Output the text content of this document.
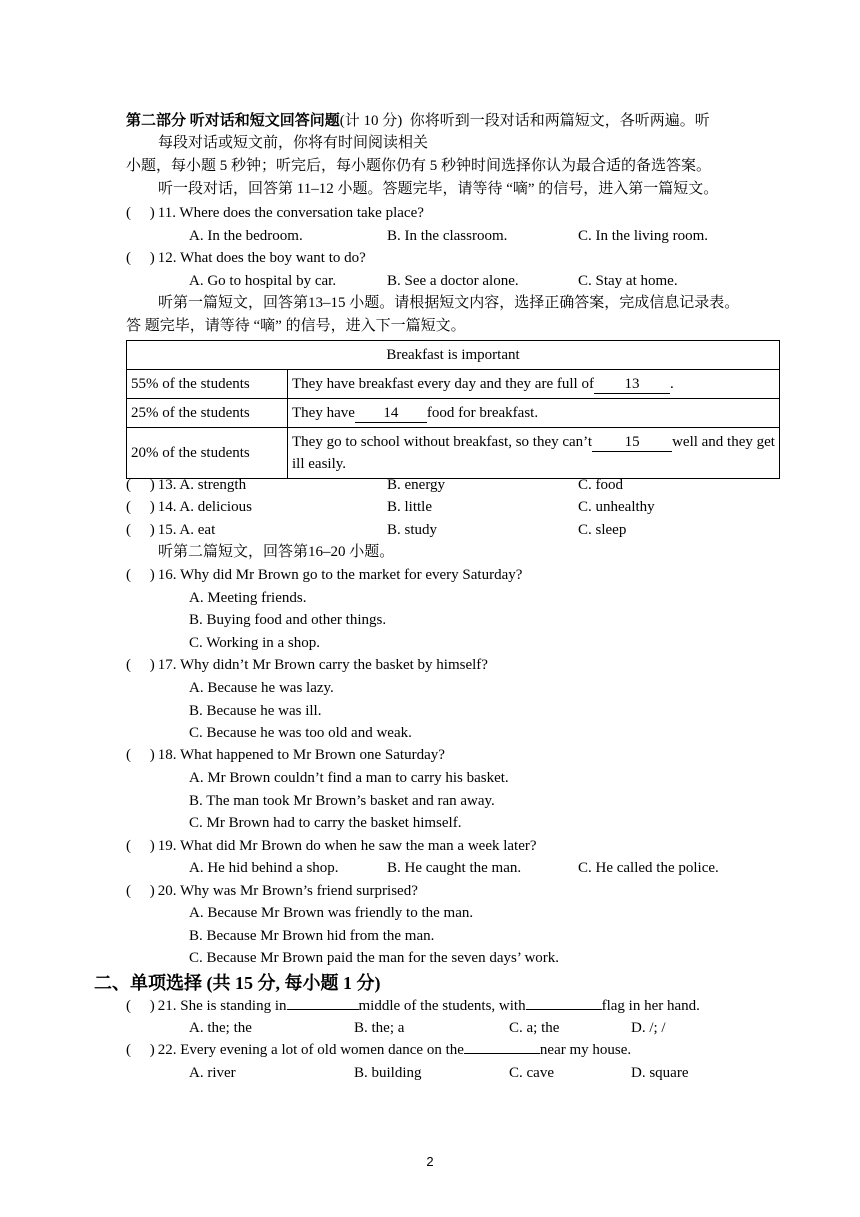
第二部分 听对话和短文回答问题(计 10 分) 你将听到一段对话和两篇短文，各听两遍。听
每段对话或短文前，你将有时间阅读相关
小题，每小题 5 秒钟；听完后，每小题你仍有 5 秒钟时间选择你认为最合适的备选答案。
听一段对话，回答第 11–12 小题。答题完毕，请等待 “嘀” 的信号，进入第一篇短文。
( ) 11. Where does the conversation take place?
A. In the bedroom.	B. In the classroom.	C. In the living room.
( ) 12. What does the boy want to do?
A. Go to hospital by car.	B. See a doctor alone.	C. Stay at home.
听第一篇短文，回答第13–15 小题。请根据短文内容，选择正确答案，完成信息记录表。
答 题完毕，请等待 “嘀” 的信号，进入下一篇短文。
Breakfast is important	
55% of the students	They have breakfast every day and they are full of 13 .
25% of the students	They have 14 food for breakfast.
20% of the students	They go to school without breakfast, so they can’t 15 well and they get ill easily.
( ) 13. A. strength	B. energy	C. food
( ) 14. A. delicious	B. little	C. unhealthy
( ) 15. A. eat	B. study	C. sleep
听第二篇短文，回答第16–20 小题。
( ) 16. Why did Mr Brown go to the market for every Saturday?
A. Meeting friends.
B. Buying food and other things.
C. Working in a shop.
( ) 17. Why didn’t Mr Brown carry the basket by himself?
A. Because he was lazy.
B. Because he was ill.
C. Because he was too old and weak.
( ) 18. What happened to Mr Brown one Saturday?
A. Mr Brown couldn’t find a man to carry his basket.
B. The man took Mr Brown’s basket and ran away.
C. Mr Brown had to carry the basket himself.
( ) 19. What did Mr Brown do when he saw the man a week later?
A. He hid behind a shop.	B. He caught the man.	C. He called the police.
( ) 20. Why was Mr Brown’s friend surprised?
A. Because Mr Brown was friendly to the man.
B. Because Mr Brown hid from the man.
C. Because Mr Brown paid the man for the seven days’ work.
二、单项选择 (共 15 分, 每小题 1 分)
( ) 21. She is standing in	middle of the students, with	flag in her hand.
A. the; the	B. the; a	C. a; the	D. /; /
( ) 22. Every evening a lot of old women dance on the	near my house.
A. river	B. building	C. cave	D. square
2
